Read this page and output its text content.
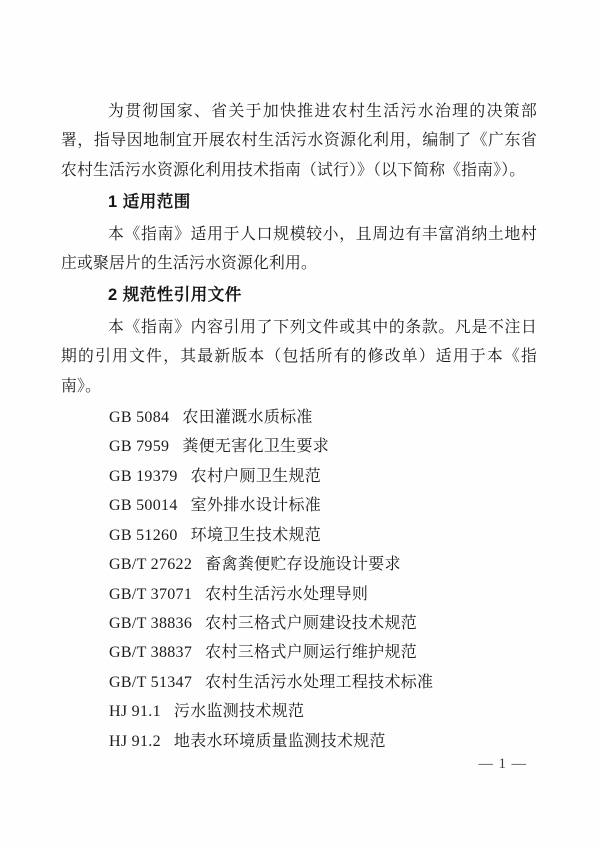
为贯彻国家、省关于加快推进农村生活污水治理的决策部署，指导因地制宜开展农村生活污水资源化利用，编制了《广东省农村生活污水资源化利用技术指南（试行）》（以下简称《指南》）。

1 适用范围

本《指南》适用于人口规模较小，且周边有丰富消纳土地村庄或聚居片的生活污水资源化利用。

2 规范性引用文件

本《指南》内容引用了下列文件或其中的条款。凡是不注日期的引用文件，其最新版本（包括所有的修改单）适用于本《指南》。

GB 5084 农田灌溉水质标准
GB 7959 粪便无害化卫生要求
GB 19379 农村户厕卫生规范
GB 50014 室外排水设计标准
GB 51260 环境卫生技术规范
GB/T 27622 畜禽粪便贮存设施设计要求
GB/T 37071 农村生活污水处理导则
GB/T 38836 农村三格式户厕建设技术规范
GB/T 38837 农村三格式户厕运行维护规范
GB/T 51347 农村生活污水处理工程技术标准
HJ 91.1 污水监测技术规范
HJ 91.2 地表水环境质量监测技术规范
— 1 —
